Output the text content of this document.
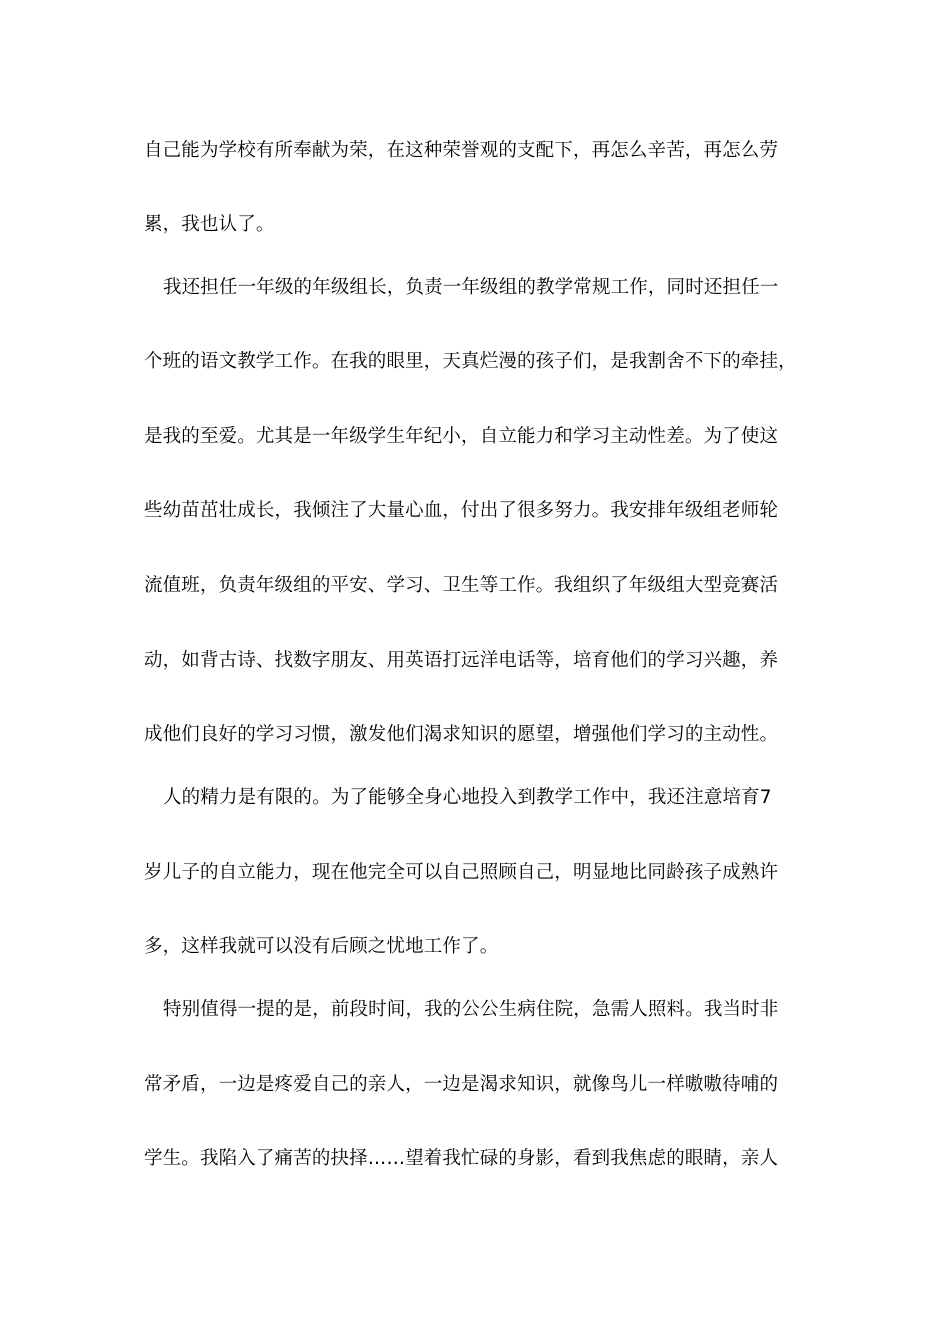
自己能为学校有所奉献为荣，在这种荣誉观的支配下，再怎么辛苦，再怎么劳
累，我也认了。
我还担任一年级的年级组长，负责一年级组的教学常规工作，同时还担任一
个班的语文教学工作。在我的眼里，天真烂漫的孩子们，是我割舍不下的牵挂，
是我的至爱。尤其是一年级学生年纪小，自立能力和学习主动性差。为了使这
些幼苗茁壮成长，我倾注了大量心血，付出了很多努力。我安排年级组老师轮
流值班，负责年级组的平安、学习、卫生等工作。我组织了年级组大型竞赛活
动，如背古诗、找数字朋友、用英语打远洋电话等，培育他们的学习兴趣，养
成他们良好的学习习惯，激发他们渴求知识的愿望，增强他们学习的主动性。
人的精力是有限的。为了能够全身心地投入到教学工作中，我还注意培育7
岁儿子的自立能力，现在他完全可以自己照顾自己，明显地比同龄孩子成熟许
多，这样我就可以没有后顾之忧地工作了。
特别值得一提的是，前段时间，我的公公生病住院，急需人照料。我当时非
常矛盾，一边是疼爱自己的亲人，一边是渴求知识，就像鸟儿一样嗷嗷待哺的
学生。我陷入了痛苦的抉择……望着我忙碌的身影，看到我焦虑的眼睛，亲人
